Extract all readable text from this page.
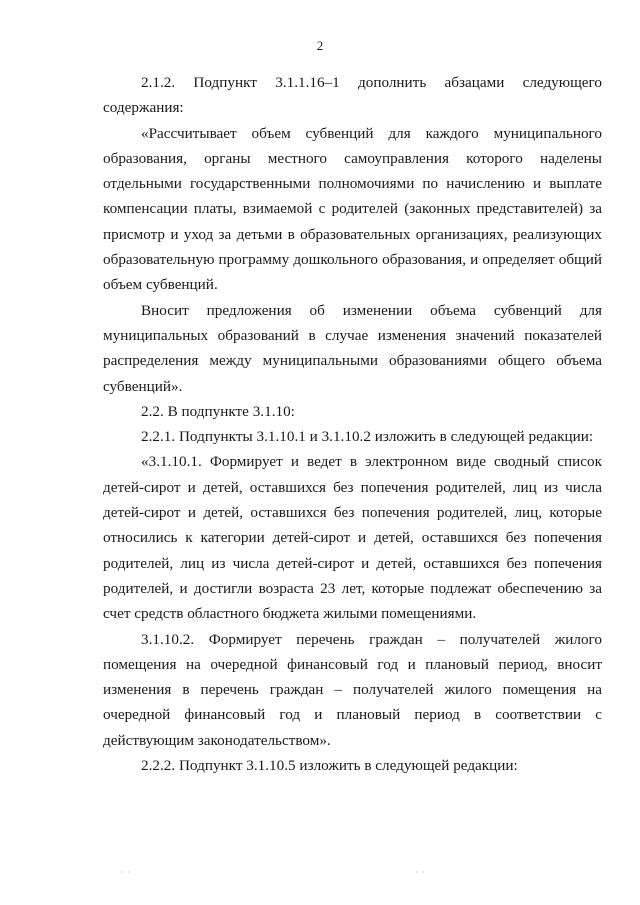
2

2.1.2. Подпункт 3.1.1.16–1 дополнить абзацами следующего содержания:

«Рассчитывает объем субвенций для каждого муниципального образования, органы местного самоуправления которого наделены отдельными государственными полномочиями по начислению и выплате компенсации платы, взимаемой с родителей (законных представителей) за присмотр и уход за детьми в образовательных организациях, реализующих образовательную программу дошкольного образования, и определяет общий объем субвенций.

Вносит предложения об изменении объема субвенций для муниципальных образований в случае изменения значений показателей распределения между муниципальными образованиями общего объема субвенций».

2.2. В подпункте 3.1.10:

2.2.1. Подпункты 3.1.10.1 и 3.1.10.2 изложить в следующей редакции:

«3.1.10.1. Формирует и ведет в электронном виде сводный список детей-сирот и детей, оставшихся без попечения родителей, лиц из числа детей-сирот и детей, оставшихся без попечения родителей, лиц, которые относились к категории детей-сирот и детей, оставшихся без попечения родителей, лиц из числа детей-сирот и детей, оставшихся без попечения родителей, и достигли возраста 23 лет, которые подлежат обеспечению за счет средств областного бюджета жилыми помещениями.

3.1.10.2. Формирует перечень граждан – получателей жилого помещения на очередной финансовый год и плановый период, вносит изменения в перечень граждан – получателей жилого помещения на очередной финансовый год и плановый период в соответствии с действующим законодательством».

2.2.2. Подпункт 3.1.10.5 изложить в следующей редакции:

· ·	· ·
